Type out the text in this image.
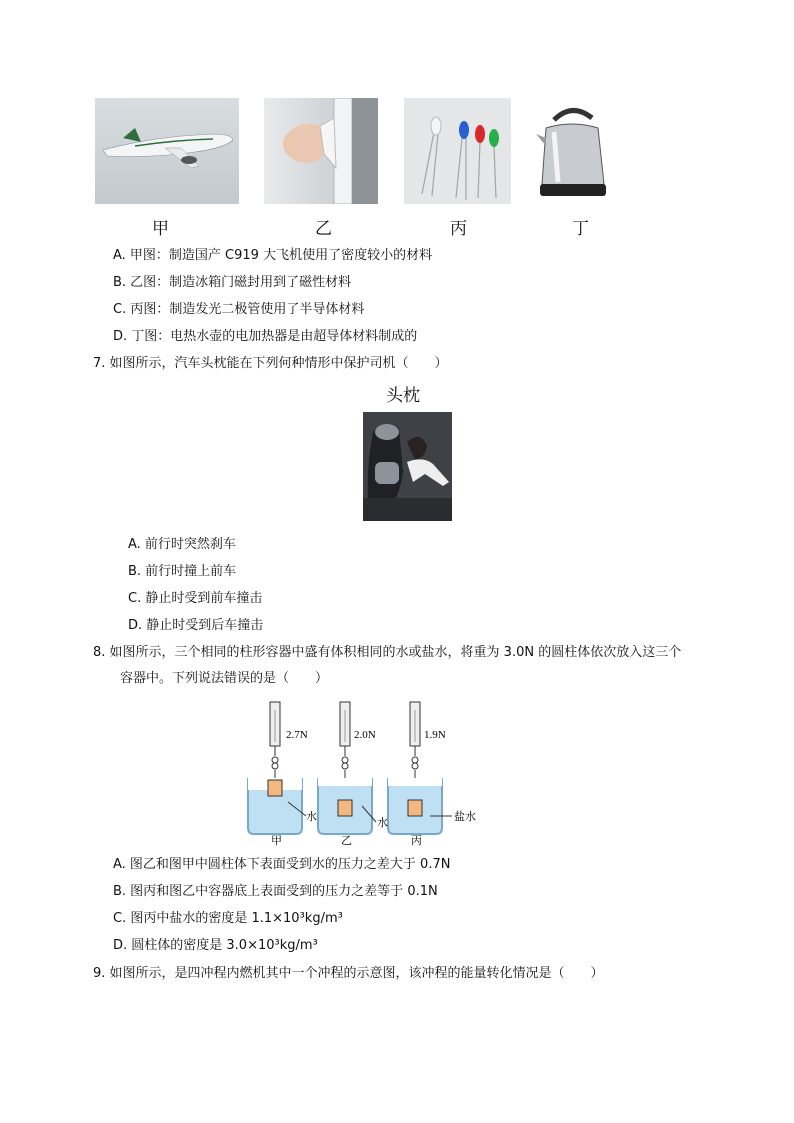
甲	乙	丙	丁
A. 甲图：制造国产 C919 大飞机使用了密度较小的材料
B. 乙图：制造冰箱门磁封用到了磁性材料
C. 丙图：制造发光二极管使用了半导体材料
D. 丁图：电热水壶的电加热器是由超导体材料制成的
7. 如图所示，汽车头枕能在下列何种情形中保护司机（　　）
头枕
A. 前行时突然刹车
B. 前行时撞上前车
C. 静止时受到前车撞击
D. 静止时受到后车撞击
8. 如图所示，三个相同的柱形容器中盛有体积相同的水或盐水，将重为 3.0N 的圆柱体依次放入这三个
容器中。下列说法错误的是（　　）
2.7N	2.0N	1.9N
水	水	盐水
甲	乙	丙
A. 图乙和图甲中圆柱体下表面受到水的压力之差大于 0.7N
B. 图丙和图乙中容器底上表面受到的压力之差等于 0.1N
C. 图丙中盐水的密度是 1.1×10³kg/m³
D. 圆柱体的密度是 3.0×10³kg/m³
9. 如图所示，是四冲程内燃机其中一个冲程的示意图，该冲程的能量转化情况是（　　）
